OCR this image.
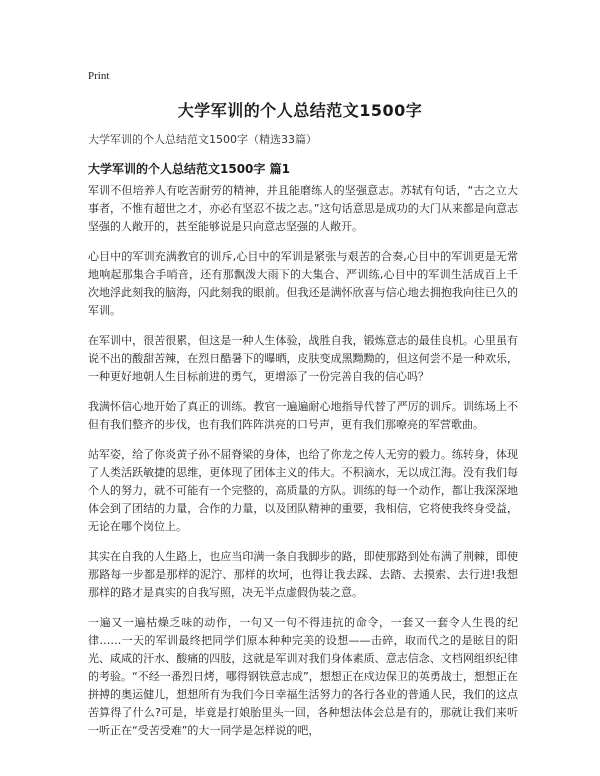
Print
大学军训的个人总结范文1500字
大学军训的个人总结范文1500字（精选33篇）
大学军训的个人总结范文1500字 篇1

军训不但培养人有吃苦耐劳的精神，并且能磨练人的坚强意志。苏轼有句话，“古之立大事者，不惟有超世之才，亦必有坚忍不拔之志。”这句话意思是成功的大门从来都是向意志坚强的人敞开的，甚至能够说是只向意志坚强的人敞开。

心目中的军训充满教官的训斥,心目中的军训是紧张与艰苦的合奏,心目中的军训更是无常地响起那集合手哨音，还有那飘泼大雨下的大集合、严训练,心目中的军训生活成百上千次地浮此刻我的脑海，闪此刻我的眼前。但我还是满怀欣喜与信心地去拥抱我向往已久的军训。

在军训中，很苦很累，但这是一种人生体验，战胜自我，锻炼意志的最佳良机。心里虽有说不出的酸甜苦辣，在烈日酷暑下的曝晒，皮肤变成黑黝黝的，但这何尝不是一种欢乐，一种更好地朝人生目标前进的勇气，更增添了一份完善自我的信心吗？

我满怀信心地开始了真正的训练。教官一遍遍耐心地指导代替了严厉的训斥。训练场上不但有我们整齐的步伐，也有我们阵阵洪亮的口号声，更有我们那嘹亮的军营歌曲。

站军姿，给了你炎黄子孙不屈脊梁的身体，也给了你龙之传人无穷的毅力。练转身，体现了人类活跃敏捷的思维，更体现了团体主义的伟大。不积滴水，无以成江海。没有我们每个人的努力，就不可能有一个完整的，高质量的方队。训练的每一个动作，都让我深深地体会到了团结的力量，合作的力量，以及团队精神的重要，我相信，它将使我终身受益，无论在哪个岗位上。

其实在自我的人生路上，也应当印满一条自我脚步的路，即使那路到处布满了荆棘，即使那路每一步都是那样的泥泞、那样的坎坷，也得让我去踩、去踏、去摸索、去行进!我想那样的路才是真实的自我写照，决无半点虚假伪装之意。

一遍又一遍枯燥乏味的动作，一句又一句不得违抗的命令，一套又一套令人生畏的纪律……一天的军训最终把同学们原本种种完美的设想——击碎，取而代之的是眩目的阳光、咸咸的汗水、酸痛的四肢，这就是军训对我们身体素质、意志信念、文档网组织纪律的考验。“不经一番烈日烤，哪得钢铁意志成”，想想正在戍边保卫的英勇战士，想想正在拼搏的奥运健儿，想想所有为我们今日幸福生活努力的各行各业的普通人民，我们的这点苦算得了什么?可是，毕竟是打娘胎里头一回，各种想法体会总是有的，那就让我们来听一听正在“受苦受难”的大一同学是怎样说的吧，
